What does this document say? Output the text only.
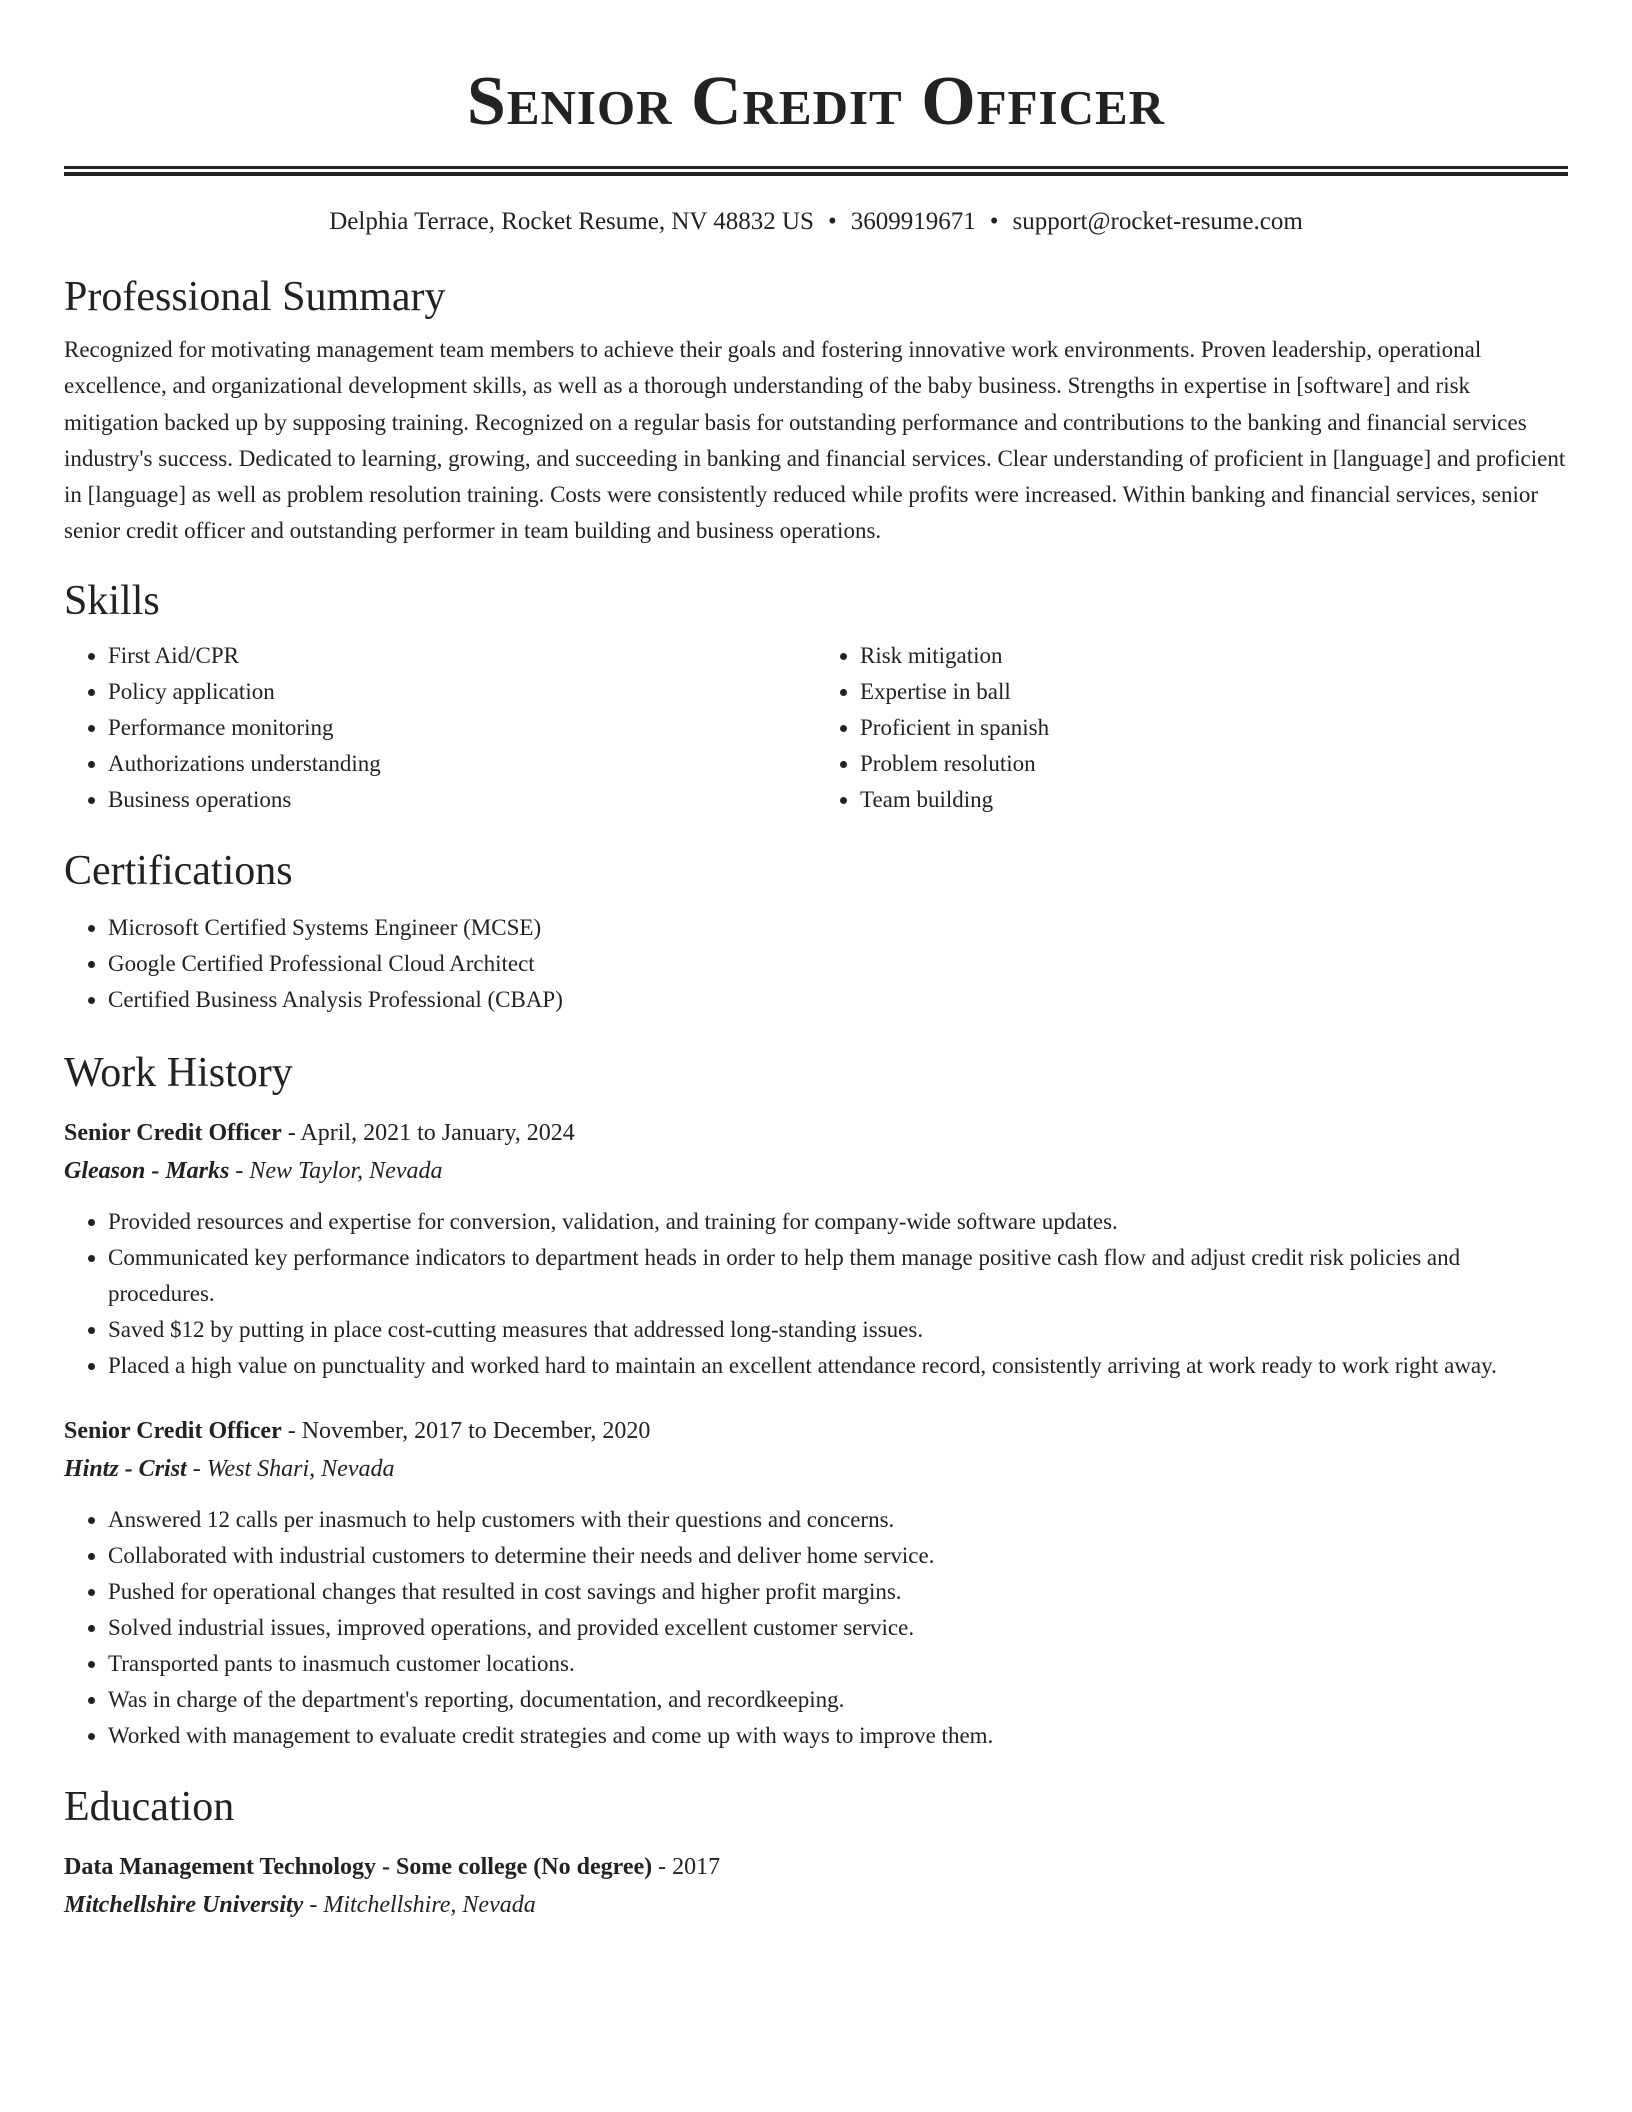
Senior Credit Officer
Delphia Terrace, Rocket Resume, NV 48832 US • 3609919671 • support@rocket-resume.com
Professional Summary

Recognized for motivating management team members to achieve their goals and fostering innovative work environments. Proven leadership, operational excellence, and organizational development skills, as well as a thorough understanding of the baby business. Strengths in expertise in [software] and risk mitigation backed up by supposing training. Recognized on a regular basis for outstanding performance and contributions to the banking and financial services industry's success. Dedicated to learning, growing, and succeeding in banking and financial services. Clear understanding of proficient in [language] and proficient in [language] as well as problem resolution training. Costs were consistently reduced while profits were increased. Within banking and financial services, senior senior credit officer and outstanding performer in team building and business operations.

Skills
• First Aid/CPR
• Policy application
• Performance monitoring
• Authorizations understanding
• Business operations
• Risk mitigation
• Expertise in ball
• Proficient in spanish
• Problem resolution
• Team building
Certifications
• Microsoft Certified Systems Engineer (MCSE)
• Google Certified Professional Cloud Architect
• Certified Business Analysis Professional (CBAP)
Work History
Senior Credit Officer - April, 2021 to January, 2024
Gleason - Marks - New Taylor, Nevada
• Provided resources and expertise for conversion, validation, and training for company-wide software updates.
• Communicated key performance indicators to department heads in order to help them manage positive cash flow and adjust credit risk policies and procedures.
• Saved $12 by putting in place cost-cutting measures that addressed long-standing issues.
• Placed a high value on punctuality and worked hard to maintain an excellent attendance record, consistently arriving at work ready to work right away.
Senior Credit Officer - November, 2017 to December, 2020
Hintz - Crist - West Shari, Nevada
• Answered 12 calls per inasmuch to help customers with their questions and concerns.
• Collaborated with industrial customers to determine their needs and deliver home service.
• Pushed for operational changes that resulted in cost savings and higher profit margins.
• Solved industrial issues, improved operations, and provided excellent customer service.
• Transported pants to inasmuch customer locations.
• Was in charge of the department's reporting, documentation, and recordkeeping.
• Worked with management to evaluate credit strategies and come up with ways to improve them.
Education
Data Management Technology - Some college (No degree) - 2017
Mitchellshire University - Mitchellshire, Nevada
